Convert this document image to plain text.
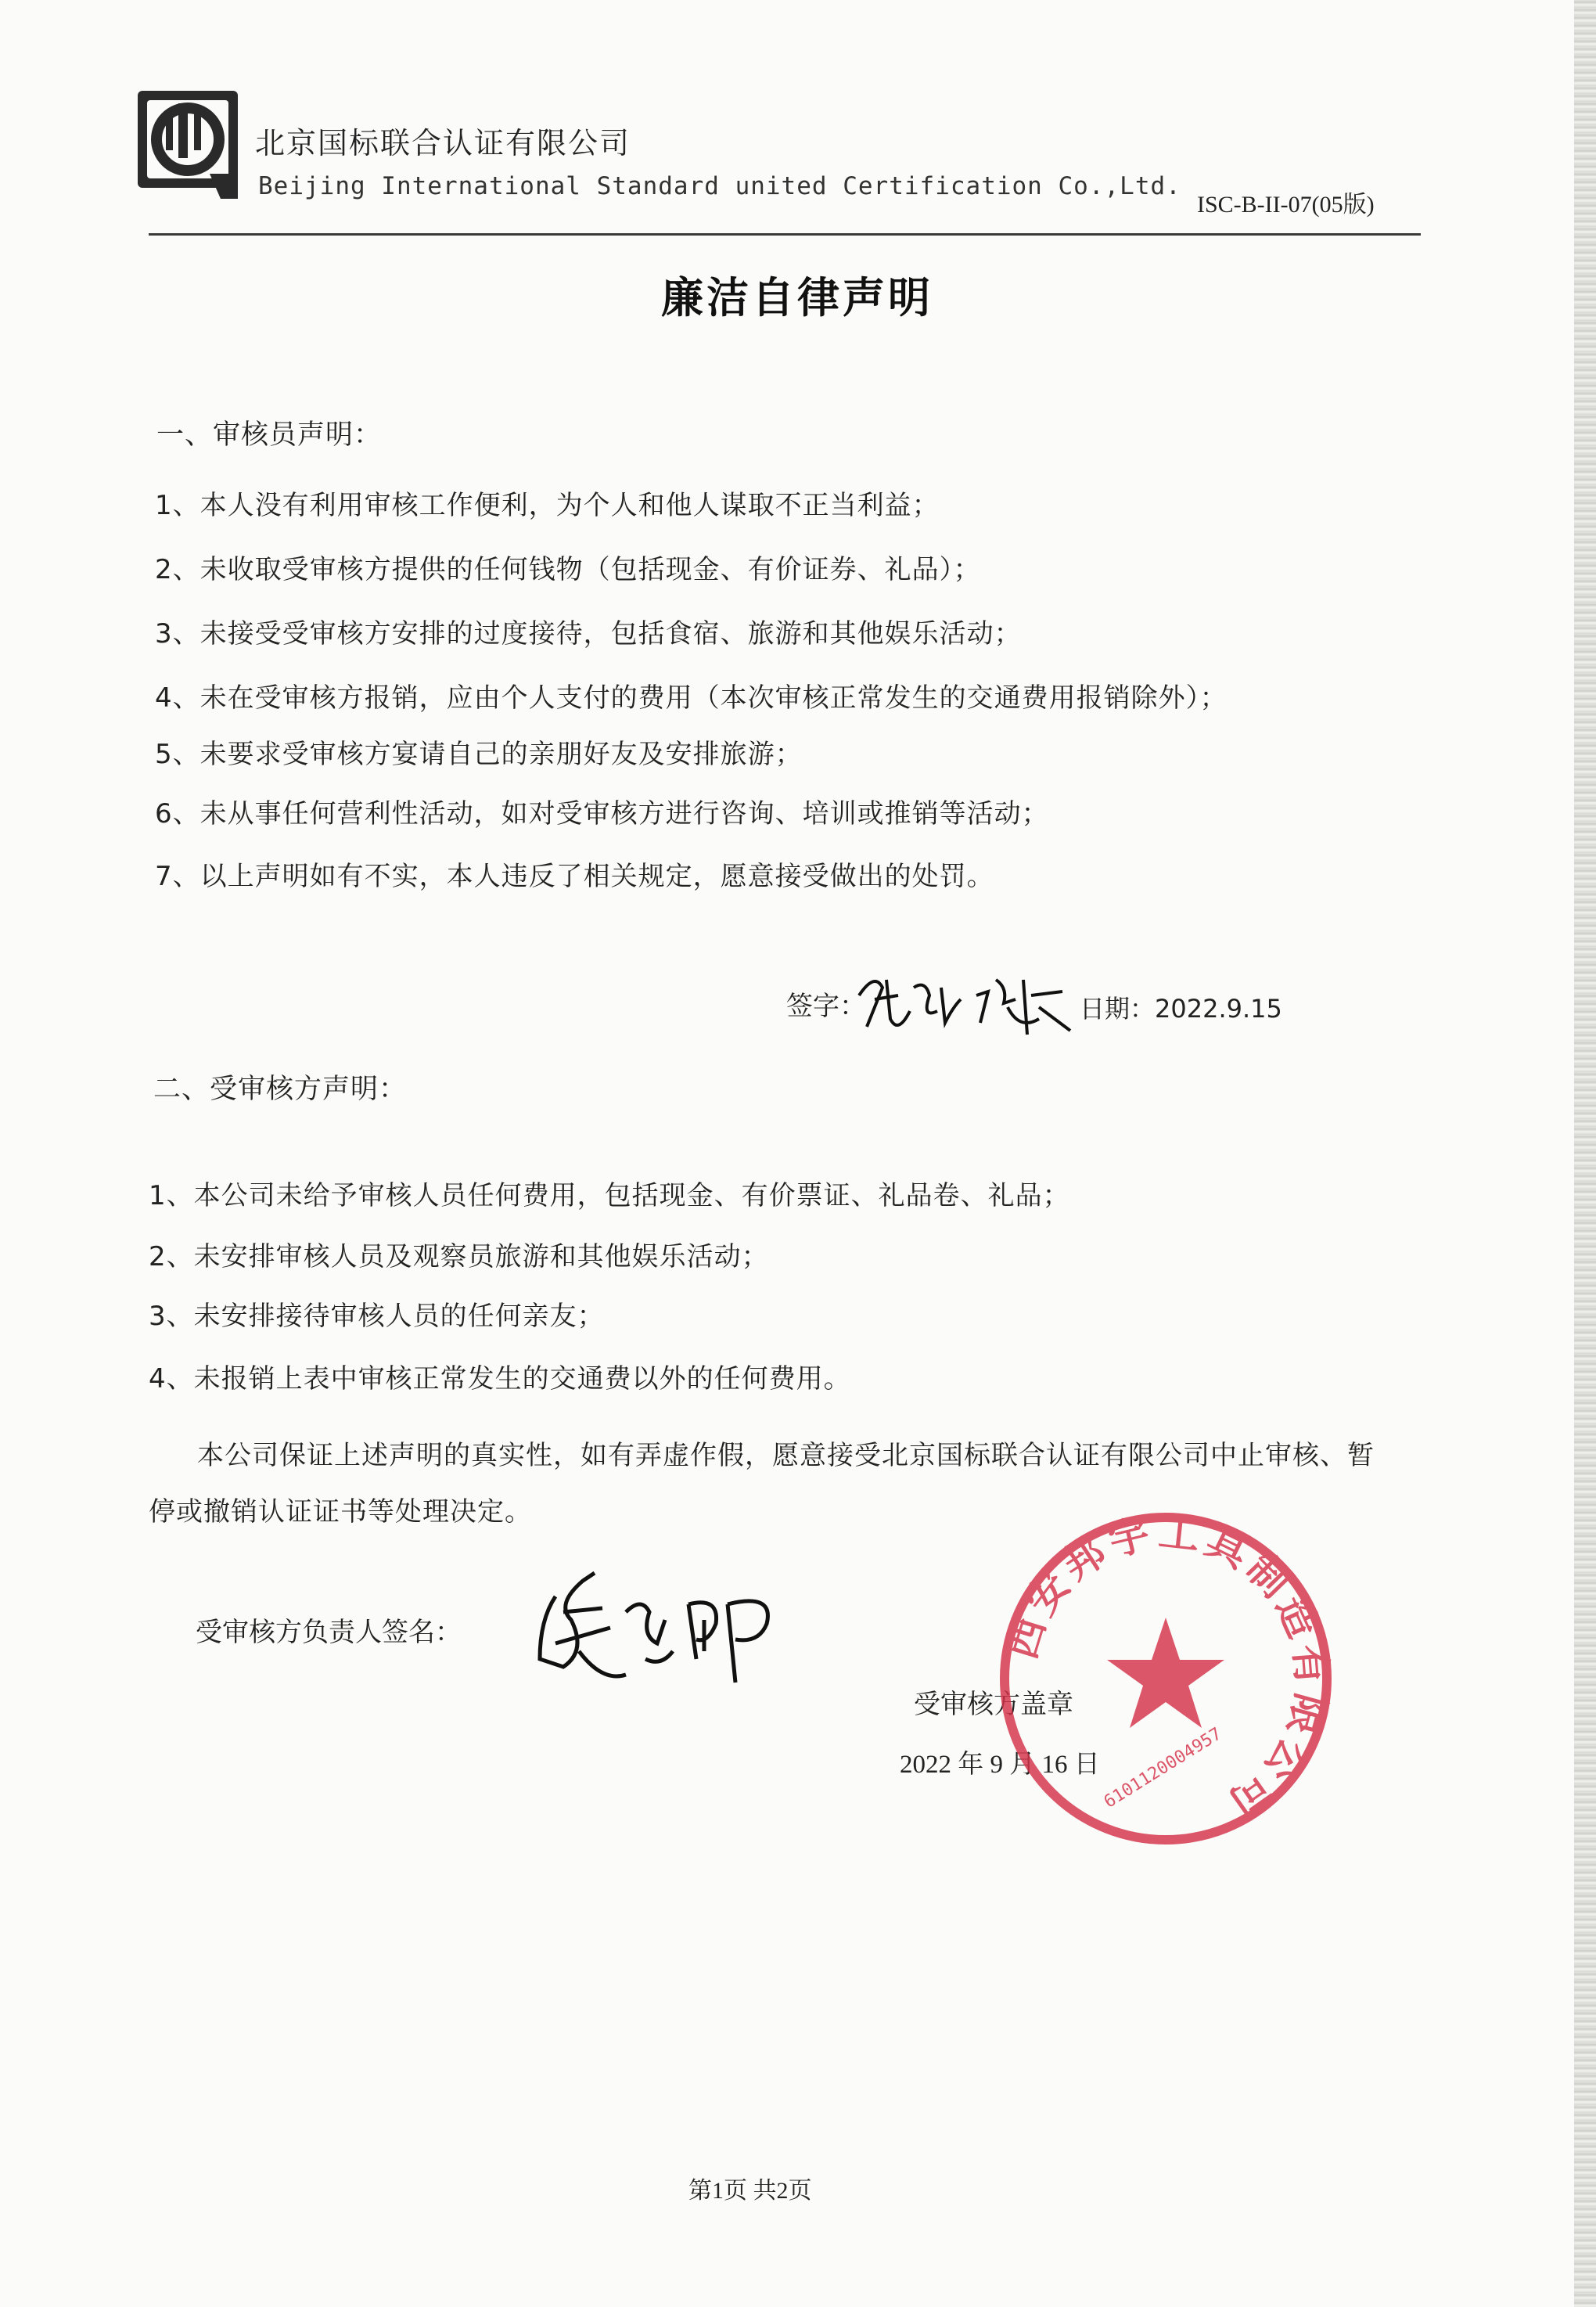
北京国标联合认证有限公司
Beijing International Standard united Certification Co.,Ltd.
ISC-B-II-07(05版)
廉洁自律声明
一、审核员声明：
1、本人没有利用审核工作便利，为个人和他人谋取不正当利益；
2、未收取受审核方提供的任何钱物（包括现金、有价证券、礼品）；
3、未接受受审核方安排的过度接待，包括食宿、旅游和其他娱乐活动；
4、未在受审核方报销，应由个人支付的费用（本次审核正常发生的交通费用报销除外）；
5、未要求受审核方宴请自己的亲朋好友及安排旅游；
6、未从事任何营利性活动，如对受审核方进行咨询、培训或推销等活动；
7、以上声明如有不实，本人违反了相关规定，愿意接受做出的处罚。
签字：	日期：2022.9.15
二、受审核方声明：
1、本公司未给予审核人员任何费用，包括现金、有价票证、礼品卷、礼品；
2、未安排审核人员及观察员旅游和其他娱乐活动；
3、未安排接待审核人员的任何亲友；
4、未报销上表中审核正常发生的交通费以外的任何费用。
本公司保证上述声明的真实性，如有弄虚作假，愿意接受北京国标联合认证有限公司中止审核、暂
停或撤销认证证书等处理决定。
受审核方负责人签名：
受审核方盖章
2022 年 9 月 16 日
西安邦宇工具制造有限公司
6101120004957
第1页 共2页
